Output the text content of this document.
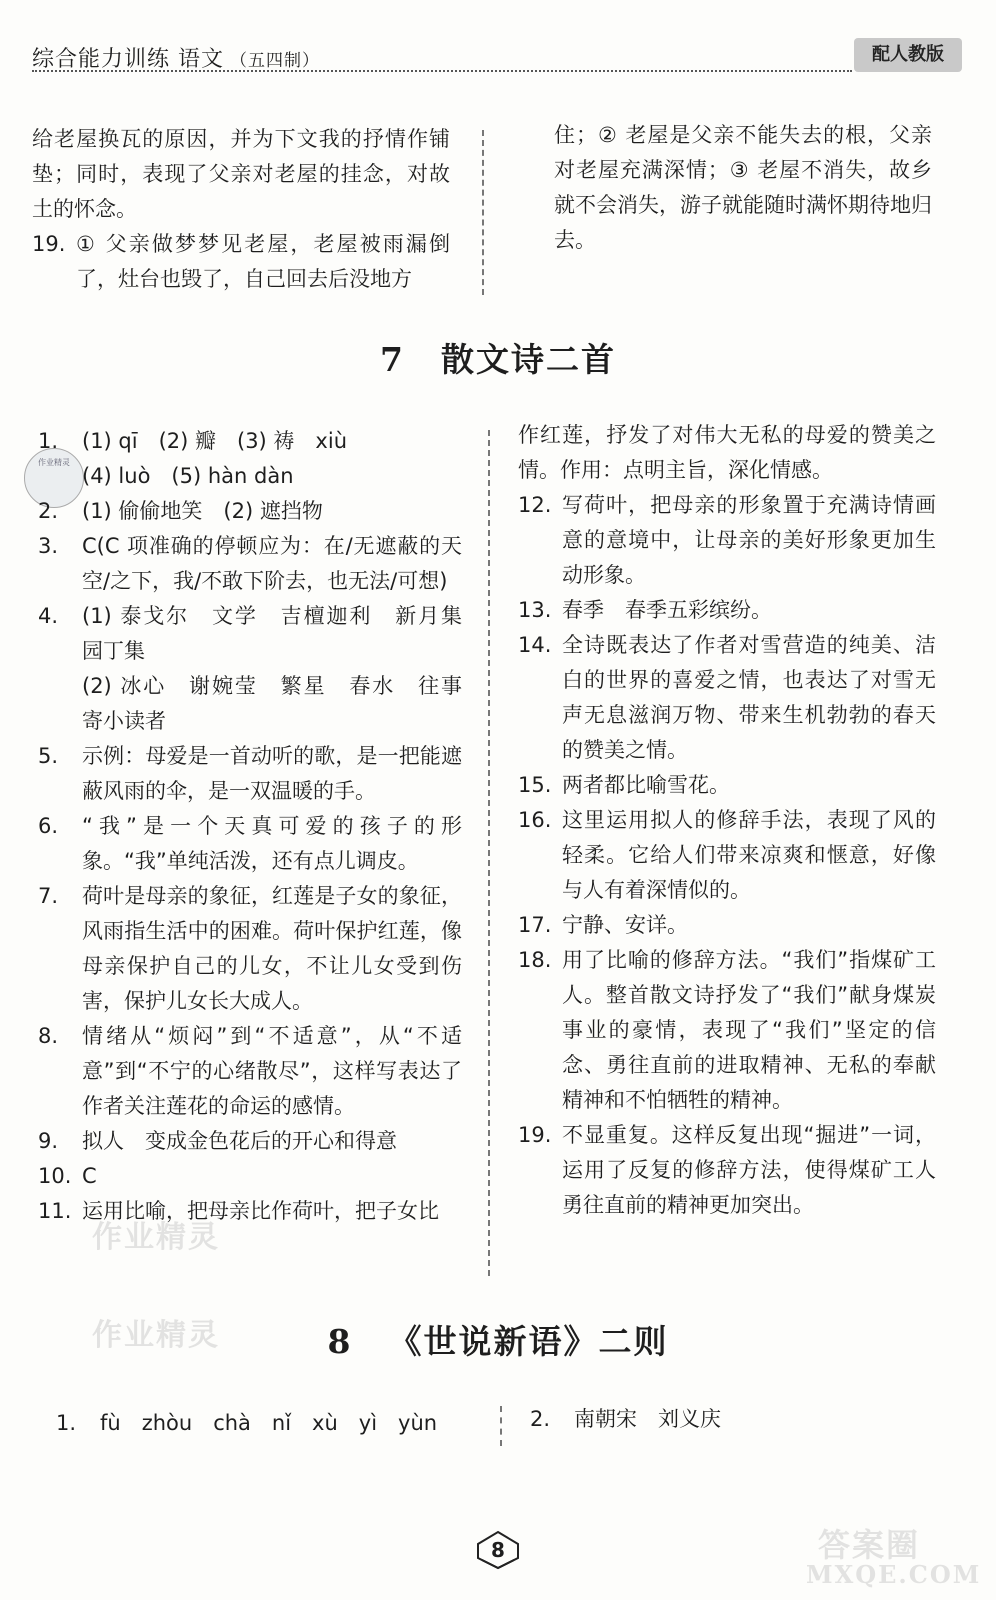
综合能力训练 语文 （五四制）	配人教版

给老屋换瓦的原因，并为下文我的抒情作铺垫；同时，表现了父亲对老屋的挂念，对故土的怀念。

19. ① 父亲做梦梦见老屋，老屋被雨漏倒了，灶台也毁了，自己回去后没地方

住；② 老屋是父亲不能失去的根，父亲对老屋充满深情；③ 老屋不消失，故乡就不会消失，游子就能随时满怀期待地归去。

7 散文诗二首
作业精灵

1. (1) qī　(2) 瓣　(3) 祷　xiù

(4) luò　(5) hàn dàn

2. (1) 偷偷地笑　(2) 遮挡物

3. C(C 项准确的停顿应为：在/无遮蔽的天空/之下，我/不敢下阶去，也无法/可想)

4. (1) 泰戈尔　文学　吉檀迦利　新月集　园丁集

(2) 冰心　谢婉莹　繁星　春水　往事　寄小读者

5. 示例：母爱是一首动听的歌，是一把能遮蔽风雨的伞，是一双温暖的手。

6. “我”是一个天真可爱的孩子的形象。“我”单纯活泼，还有点儿调皮。

7. 荷叶是母亲的象征，红莲是子女的象征，风雨指生活中的困难。荷叶保护红莲，像母亲保护自己的儿女，不让儿女受到伤害，保护儿女长大成人。

8. 情绪从“烦闷”到“不适意”，从“不适意”到“不宁的心绪散尽”，这样写表达了作者关注莲花的命运的感情。

9. 拟人　变成金色花后的开心和得意

10. C

11. 运用比喻，把母亲比作荷叶，把子女比

作红莲，抒发了对伟大无私的母爱的赞美之情。作用：点明主旨，深化情感。

12. 写荷叶，把母亲的形象置于充满诗情画意的意境中，让母亲的美好形象更加生动形象。

13. 春季　春季五彩缤纷。

14. 全诗既表达了作者对雪营造的纯美、洁白的世界的喜爱之情，也表达了对雪无声无息滋润万物、带来生机勃勃的春天的赞美之情。

15. 两者都比喻雪花。

16. 这里运用拟人的修辞手法，表现了风的轻柔。它给人们带来凉爽和惬意，好像与人有着深情似的。

17. 宁静、安详。

18. 用了比喻的修辞方法。“我们”指煤矿工人。整首散文诗抒发了“我们”献身煤炭事业的豪情，表现了“我们”坚定的信念、勇往直前的进取精神、无私的奉献精神和不怕牺牲的精神。

19. 不显重复。这样反复出现“掘进”一词，运用了反复的修辞方法，使得煤矿工人勇往直前的精神更加突出。

8 《世说新语》二则

1. fù　zhòu　chà　nǐ　xù　yì　yùn	2. 南朝宋　刘义庆

作业精灵
作业精灵
答案圈
MXQE.COM
8
